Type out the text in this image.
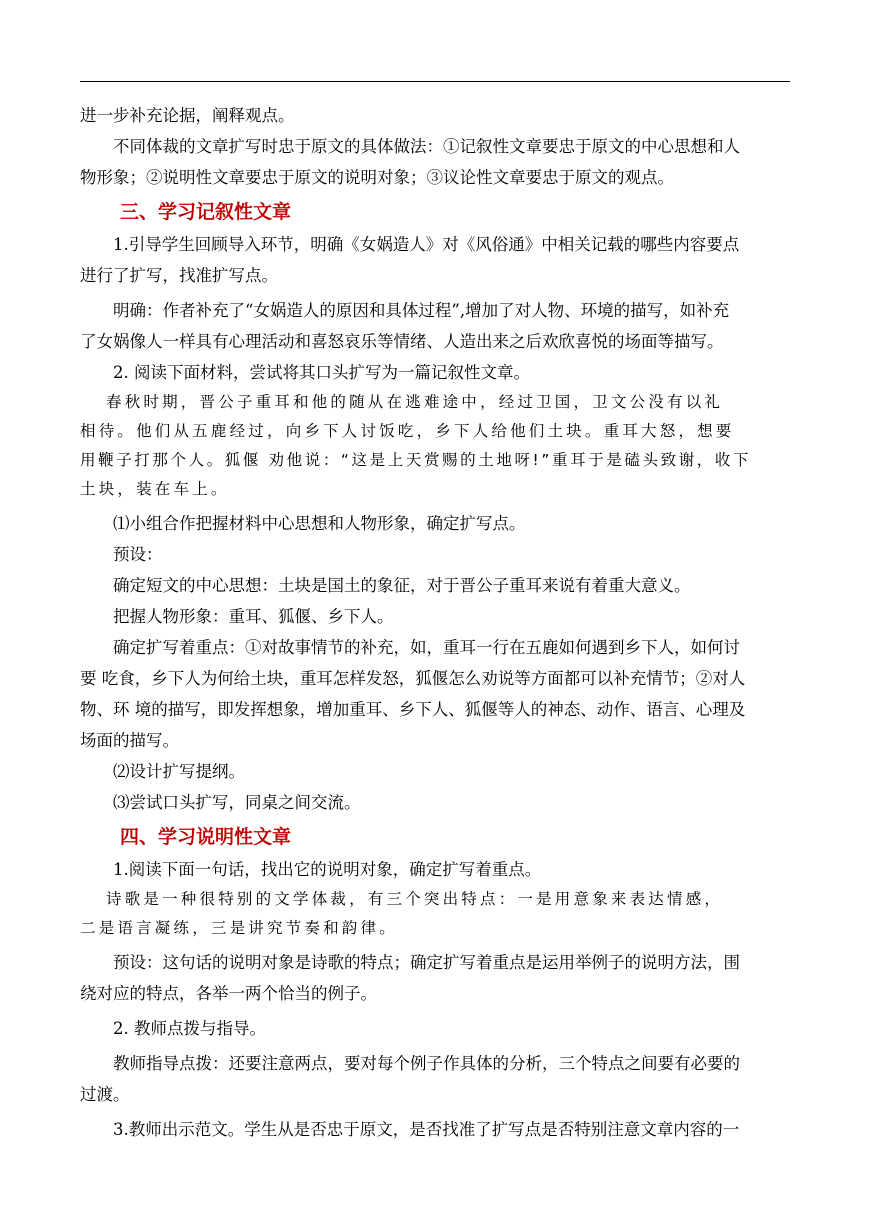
进一步补充论据，阐释观点。

不同体裁的文章扩写时忠于原文的具体做法：①记叙性文章要忠于原文的中心思想和人

物形象；②说明性文章要忠于原文的说明对象；③议论性文章要忠于原文的观点。

三、学习记叙性文章

1.引导学生回顾导入环节，明确《女娲造人》对《风俗通》中相关记载的哪些内容要点

进行了扩写，找准扩写点。

明确：作者补充了“女娲造人的原因和具体过程”,增加了对人物、环境的描写，如补充

了女娲像人一样具有心理活动和喜怒哀乐等情绪、人造出来之后欢欣喜悦的场面等描写。

2. 阅读下面材料，尝试将其口头扩写为一篇记叙性文章。

春秋时期，晋公子重耳和他的随从在逃难途中，经过卫国，卫文公没有以礼

相待。他们从五鹿经过，向乡下人讨饭吃，乡下人给他们土块。重耳大怒，想要

用鞭子打那个人。狐偃 劝他说：“这是上天赏赐的土地呀!”重耳于是磕头致谢，收下

土块，装在车上。

⑴小组合作把握材料中心思想和人物形象，确定扩写点。

预设：

确定短文的中心思想：土块是国土的象征，对于晋公子重耳来说有着重大意义。

把握人物形象：重耳、狐偃、乡下人。

确定扩写着重点：①对故事情节的补充，如，重耳一行在五鹿如何遇到乡下人，如何讨

要 吃食，乡下人为何给土块，重耳怎样发怒，狐偃怎么劝说等方面都可以补充情节；②对人

物、环 境的描写，即发挥想象，增加重耳、乡下人、狐偃等人的神态、动作、语言、心理及

场面的描写。

⑵设计扩写提纲。

⑶尝试口头扩写，同桌之间交流。

四、学习说明性文章

1.阅读下面一句话，找出它的说明对象，确定扩写着重点。

诗歌是一种很特别的文学体裁，有三个突出特点：一是用意象来表达情感，

二是语言凝练，三是讲究节奏和韵律。

预设：这句话的说明对象是诗歌的特点；确定扩写着重点是运用举例子的说明方法，围

绕对应的特点，各举一两个恰当的例子。

2. 教师点拨与指导。

教师指导点拨：还要注意两点，要对每个例子作具体的分析，三个特点之间要有必要的

过渡。

3.教师出示范文。学生从是否忠于原文，是否找准了扩写点是否特别注意文章内容的一
